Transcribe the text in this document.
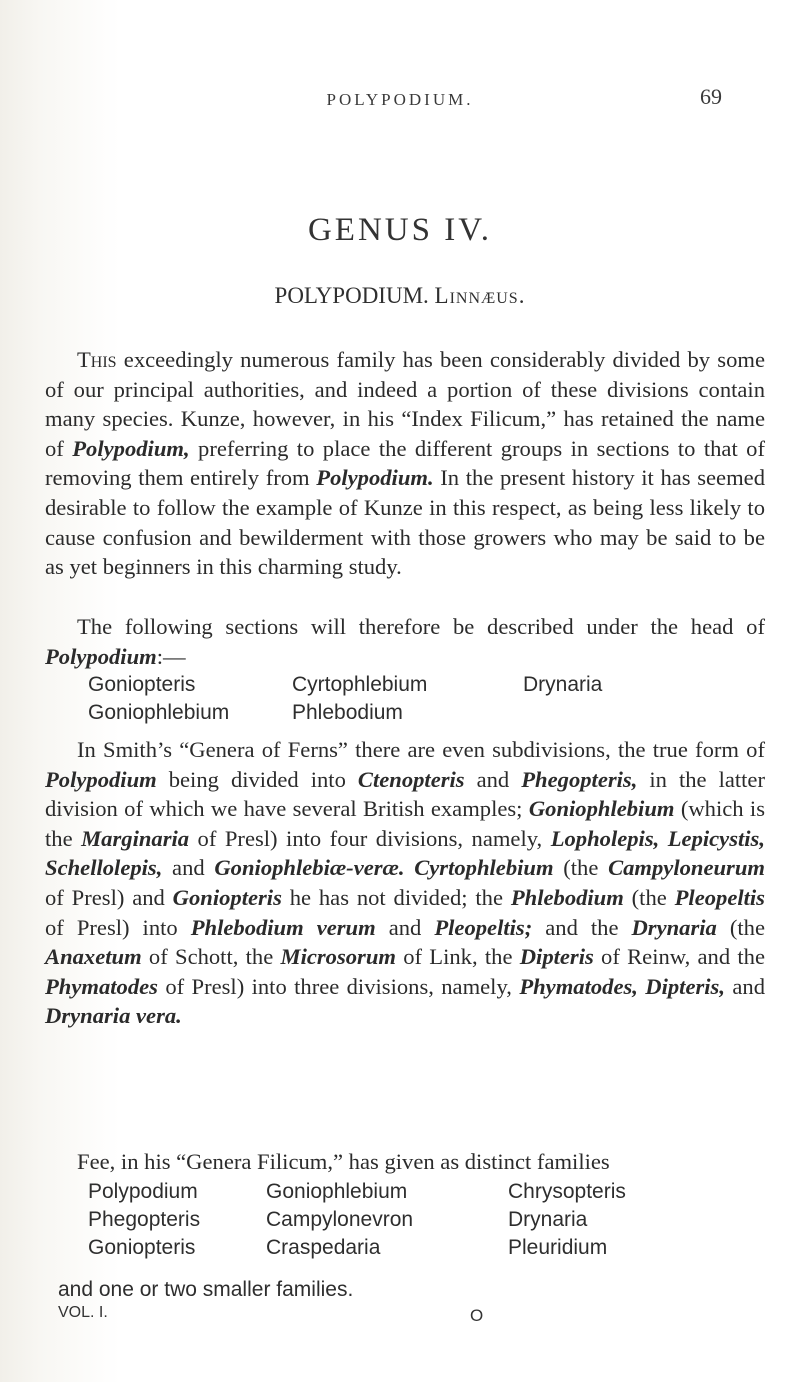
POLYPODIUM.	69
GENUS IV.
POLYPODIUM. Linnæus.

This exceedingly numerous family has been considerably divided by some of our principal authorities, and indeed a portion of these divisions contain many species. Kunze, however, in his “Index Filicum,” has retained the name of Polypodium, preferring to place the different groups in sections to that of removing them entirely from Polypodium. In the present history it has seemed desirable to follow the example of Kunze in this respect, as being less likely to cause confusion and bewilderment with those growers who may be said to be as yet beginners in this charming study.

The following sections will therefore be described under the head of Polypodium:—

Goniopteris	Cyrtophlebium	Drynaria
Goniophlebium	Phlebodium

In Smith’s “Genera of Ferns” there are even subdivisions, the true form of Polypodium being divided into Ctenopteris and Phegopteris, in the latter division of which we have several British examples; Goniophlebium (which is the Marginaria of Presl) into four divisions, namely, Lopholepis, Lepicystis, Schellolepis, and Goniophlebiæ-veræ. Cyrtophlebium (the Campyloneurum of Presl) and Goniopteris he has not divided; the Phlebodium (the Pleopeltis of Presl) into Phlebodium verum and Pleopeltis; and the Drynaria (the Anaxetum of Schott, the Microsorum of Link, the Dipteris of Reinw, and the Phymatodes of Presl) into three divisions, namely, Phymatodes, Dipteris, and Drynaria vera.

Fee, in his “Genera Filicum,” has given as distinct families

Polypodium	Goniophlebium	Chrysopteris
Phegopteris	Campylonevron	Drynaria
Goniopteris	Craspedaria	Pleuridium
and one or two smaller families.
VOL. I.	O
